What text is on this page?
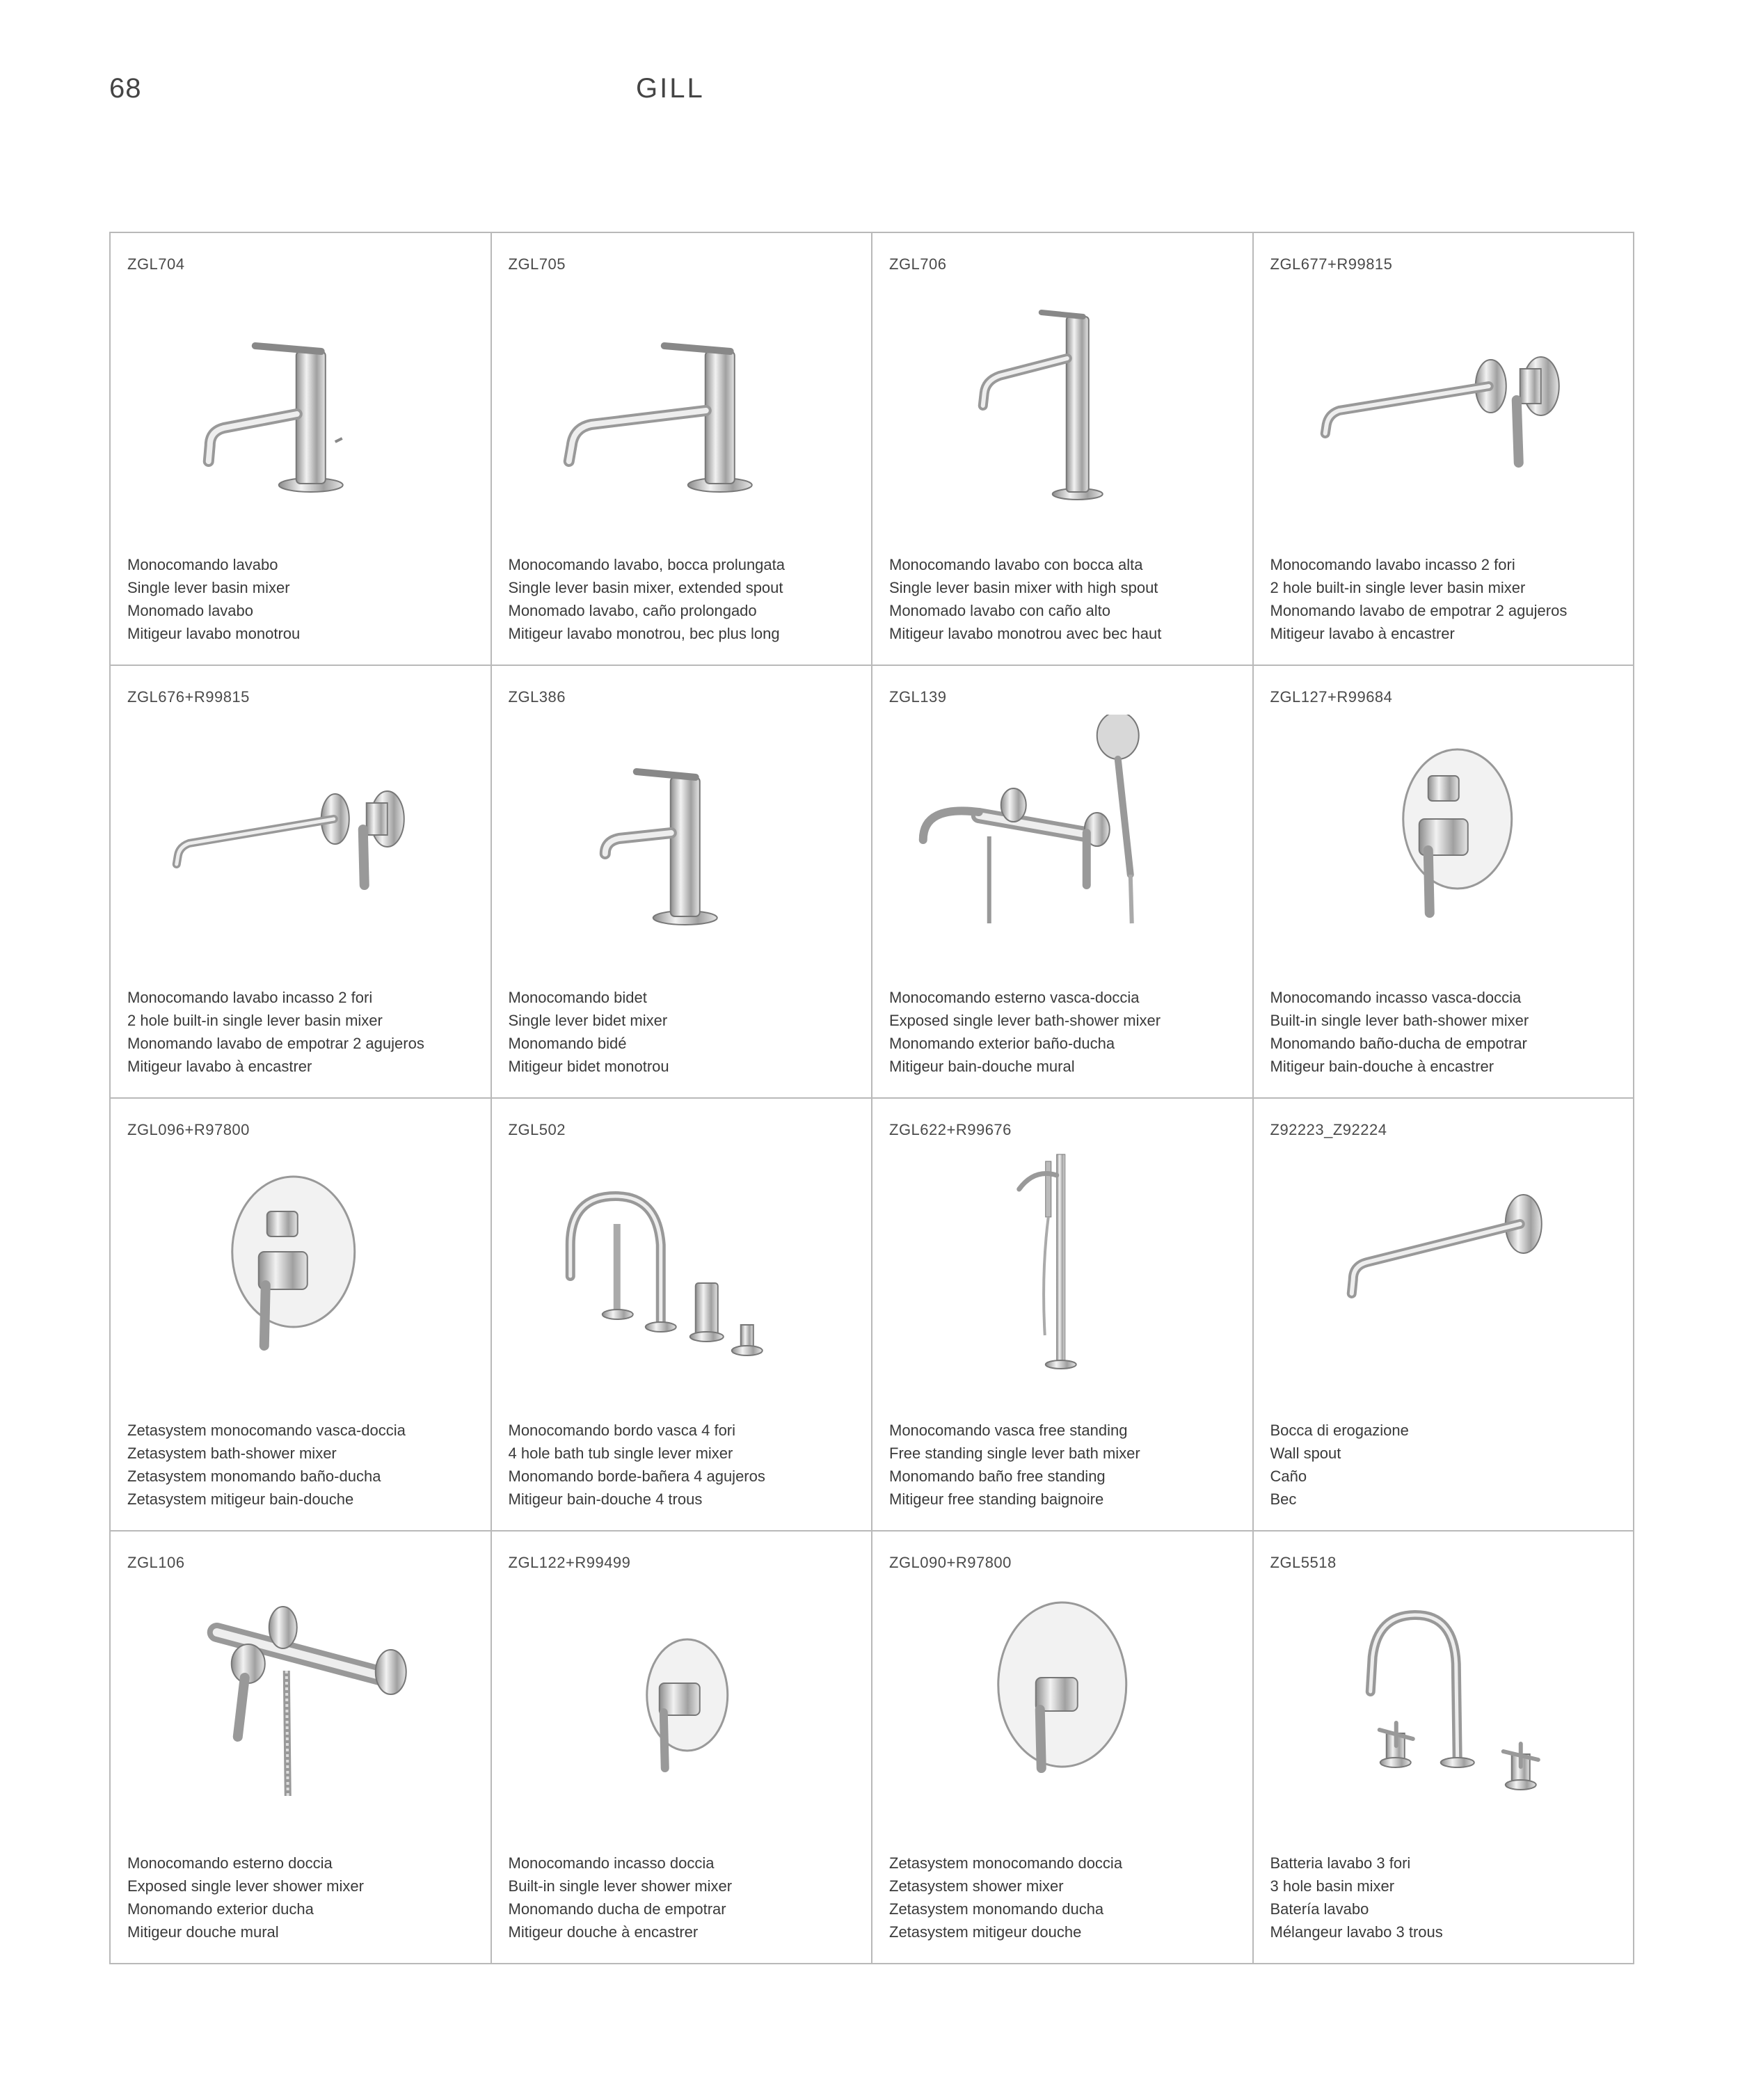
68	GILL
ZGL704
Monocomando lavabo
Single lever basin mixer
Monomado lavabo
Mitigeur lavabo monotrou
ZGL705
Monocomando lavabo, bocca prolungata
Single lever basin mixer, extended spout
Monomado lavabo, caño prolongado
Mitigeur lavabo monotrou, bec plus long
ZGL706
Monocomando lavabo con bocca alta
Single lever basin mixer with high spout
Monomado lavabo con caño alto
Mitigeur lavabo monotrou avec bec haut
ZGL677+R99815
Monocomando lavabo incasso 2 fori
2 hole built-in single lever basin mixer
Monomando lavabo de empotrar 2 agujeros
Mitigeur lavabo à encastrer
ZGL676+R99815
Monocomando lavabo incasso 2 fori
2 hole built-in single lever basin mixer
Monomando lavabo de empotrar 2 agujeros
Mitigeur lavabo à encastrer
ZGL386
Monocomando bidet
Single lever bidet mixer
Monomando bidé
Mitigeur bidet monotrou
ZGL139
Monocomando esterno vasca-doccia
Exposed single lever bath-shower mixer
Monomando exterior baño-ducha
Mitigeur bain-douche mural
ZGL127+R99684
Monocomando incasso vasca-doccia
Built-in single lever bath-shower mixer
Monomando baño-ducha de empotrar
Mitigeur bain-douche à encastrer
ZGL096+R97800
Zetasystem monocomando vasca-doccia
Zetasystem bath-shower mixer
Zetasystem monomando baño-ducha
Zetasystem mitigeur bain-douche
ZGL502
Monocomando bordo vasca 4 fori
4 hole bath tub single lever mixer
Monomando borde-bañera 4 agujeros
Mitigeur bain-douche 4 trous
ZGL622+R99676
Monocomando vasca free standing
Free standing single lever bath mixer
Monomando baño free standing
Mitigeur free standing baignoire
Z92223_Z92224
Bocca di erogazione
Wall spout
Caño
Bec
ZGL106
Monocomando esterno doccia
Exposed single lever shower mixer
Monomando exterior ducha
Mitigeur douche mural
ZGL122+R99499
Monocomando incasso doccia
Built-in single lever shower mixer
Monomando ducha de empotrar
Mitigeur douche à encastrer
ZGL090+R97800
Zetasystem monocomando doccia
Zetasystem shower mixer
Zetasystem monomando ducha
Zetasystem mitigeur douche
ZGL5518
Batteria lavabo 3 fori
3 hole basin mixer
Batería lavabo
Mélangeur lavabo 3 trous
